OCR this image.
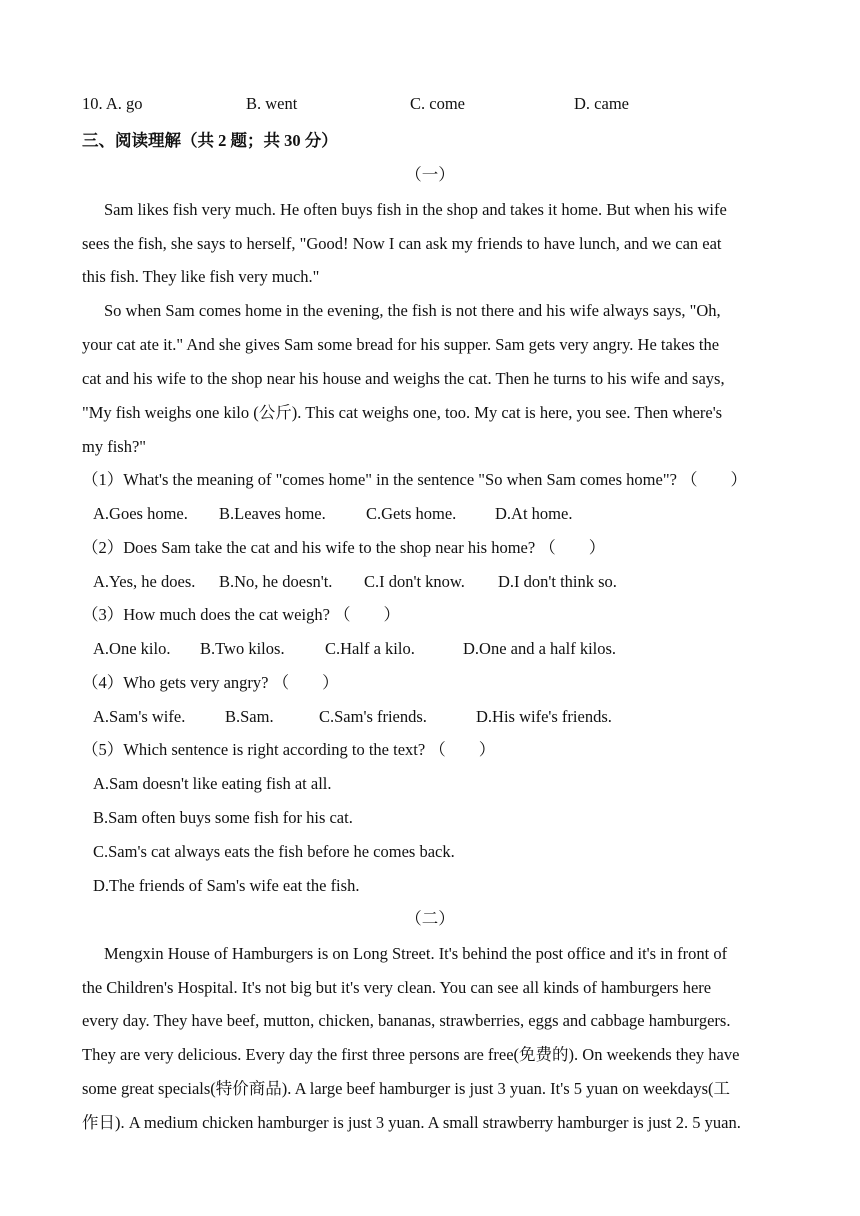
10. A. go	B. went	C. come	D. came
三、阅读理解（共 2 题；共 30 分）
（一）
Sam likes fish very much. He often buys fish in the shop and takes it home. But when his wife
sees the fish, she says to herself, "Good! Now I can ask my friends to have lunch, and we can eat
this fish. They like fish very much."
So when Sam comes home in the evening, the fish is not there and his wife always says, "Oh,
your cat ate it." And she gives Sam some bread for his supper. Sam gets very angry. He takes the
cat and his wife to the shop near his house and weighs the cat. Then he turns to his wife and says,
"My fish weighs one kilo (公斤). This cat weighs one, too. My cat is here, you see. Then where's
my fish?"
（1）What's the meaning of "comes home" in the sentence "So when Sam comes home"? （　　）
A.Goes home. B.Leaves home. C.Gets home. D.At home.
（2）Does Sam take the cat and his wife to the shop near his home? （　　）
A.Yes, he does. B.No, he doesn't. C.I don't know. D.I don't think so.
（3）How much does the cat weigh? （　　）
A.One kilo. B.Two kilos. C.Half a kilo.	D.One and a half kilos.
（4）Who gets very angry? （　　）
A.Sam's wife. B.Sam.	C.Sam's friends.	D.His wife's friends.
（5）Which sentence is right according to the text? （　　）
A.Sam doesn't like eating fish at all.
B.Sam often buys some fish for his cat.
C.Sam's cat always eats the fish before he comes back.
D.The friends of Sam's wife eat the fish.
（二）
Mengxin House of Hamburgers is on Long Street. It's behind the post office and it's in front of
the Children's Hospital. It's not big but it's very clean. You can see all kinds of hamburgers here
every day. They have beef, mutton, chicken, bananas, strawberries, eggs and cabbage hamburgers.
They are very delicious. Every day the first three persons are free(免费的). On weekends they have
some great specials(特价商品). A large beef hamburger is just 3 yuan. It's 5 yuan on weekdays(工
作日). A medium chicken hamburger is just 3 yuan. A small strawberry hamburger is just 2. 5 yuan.
